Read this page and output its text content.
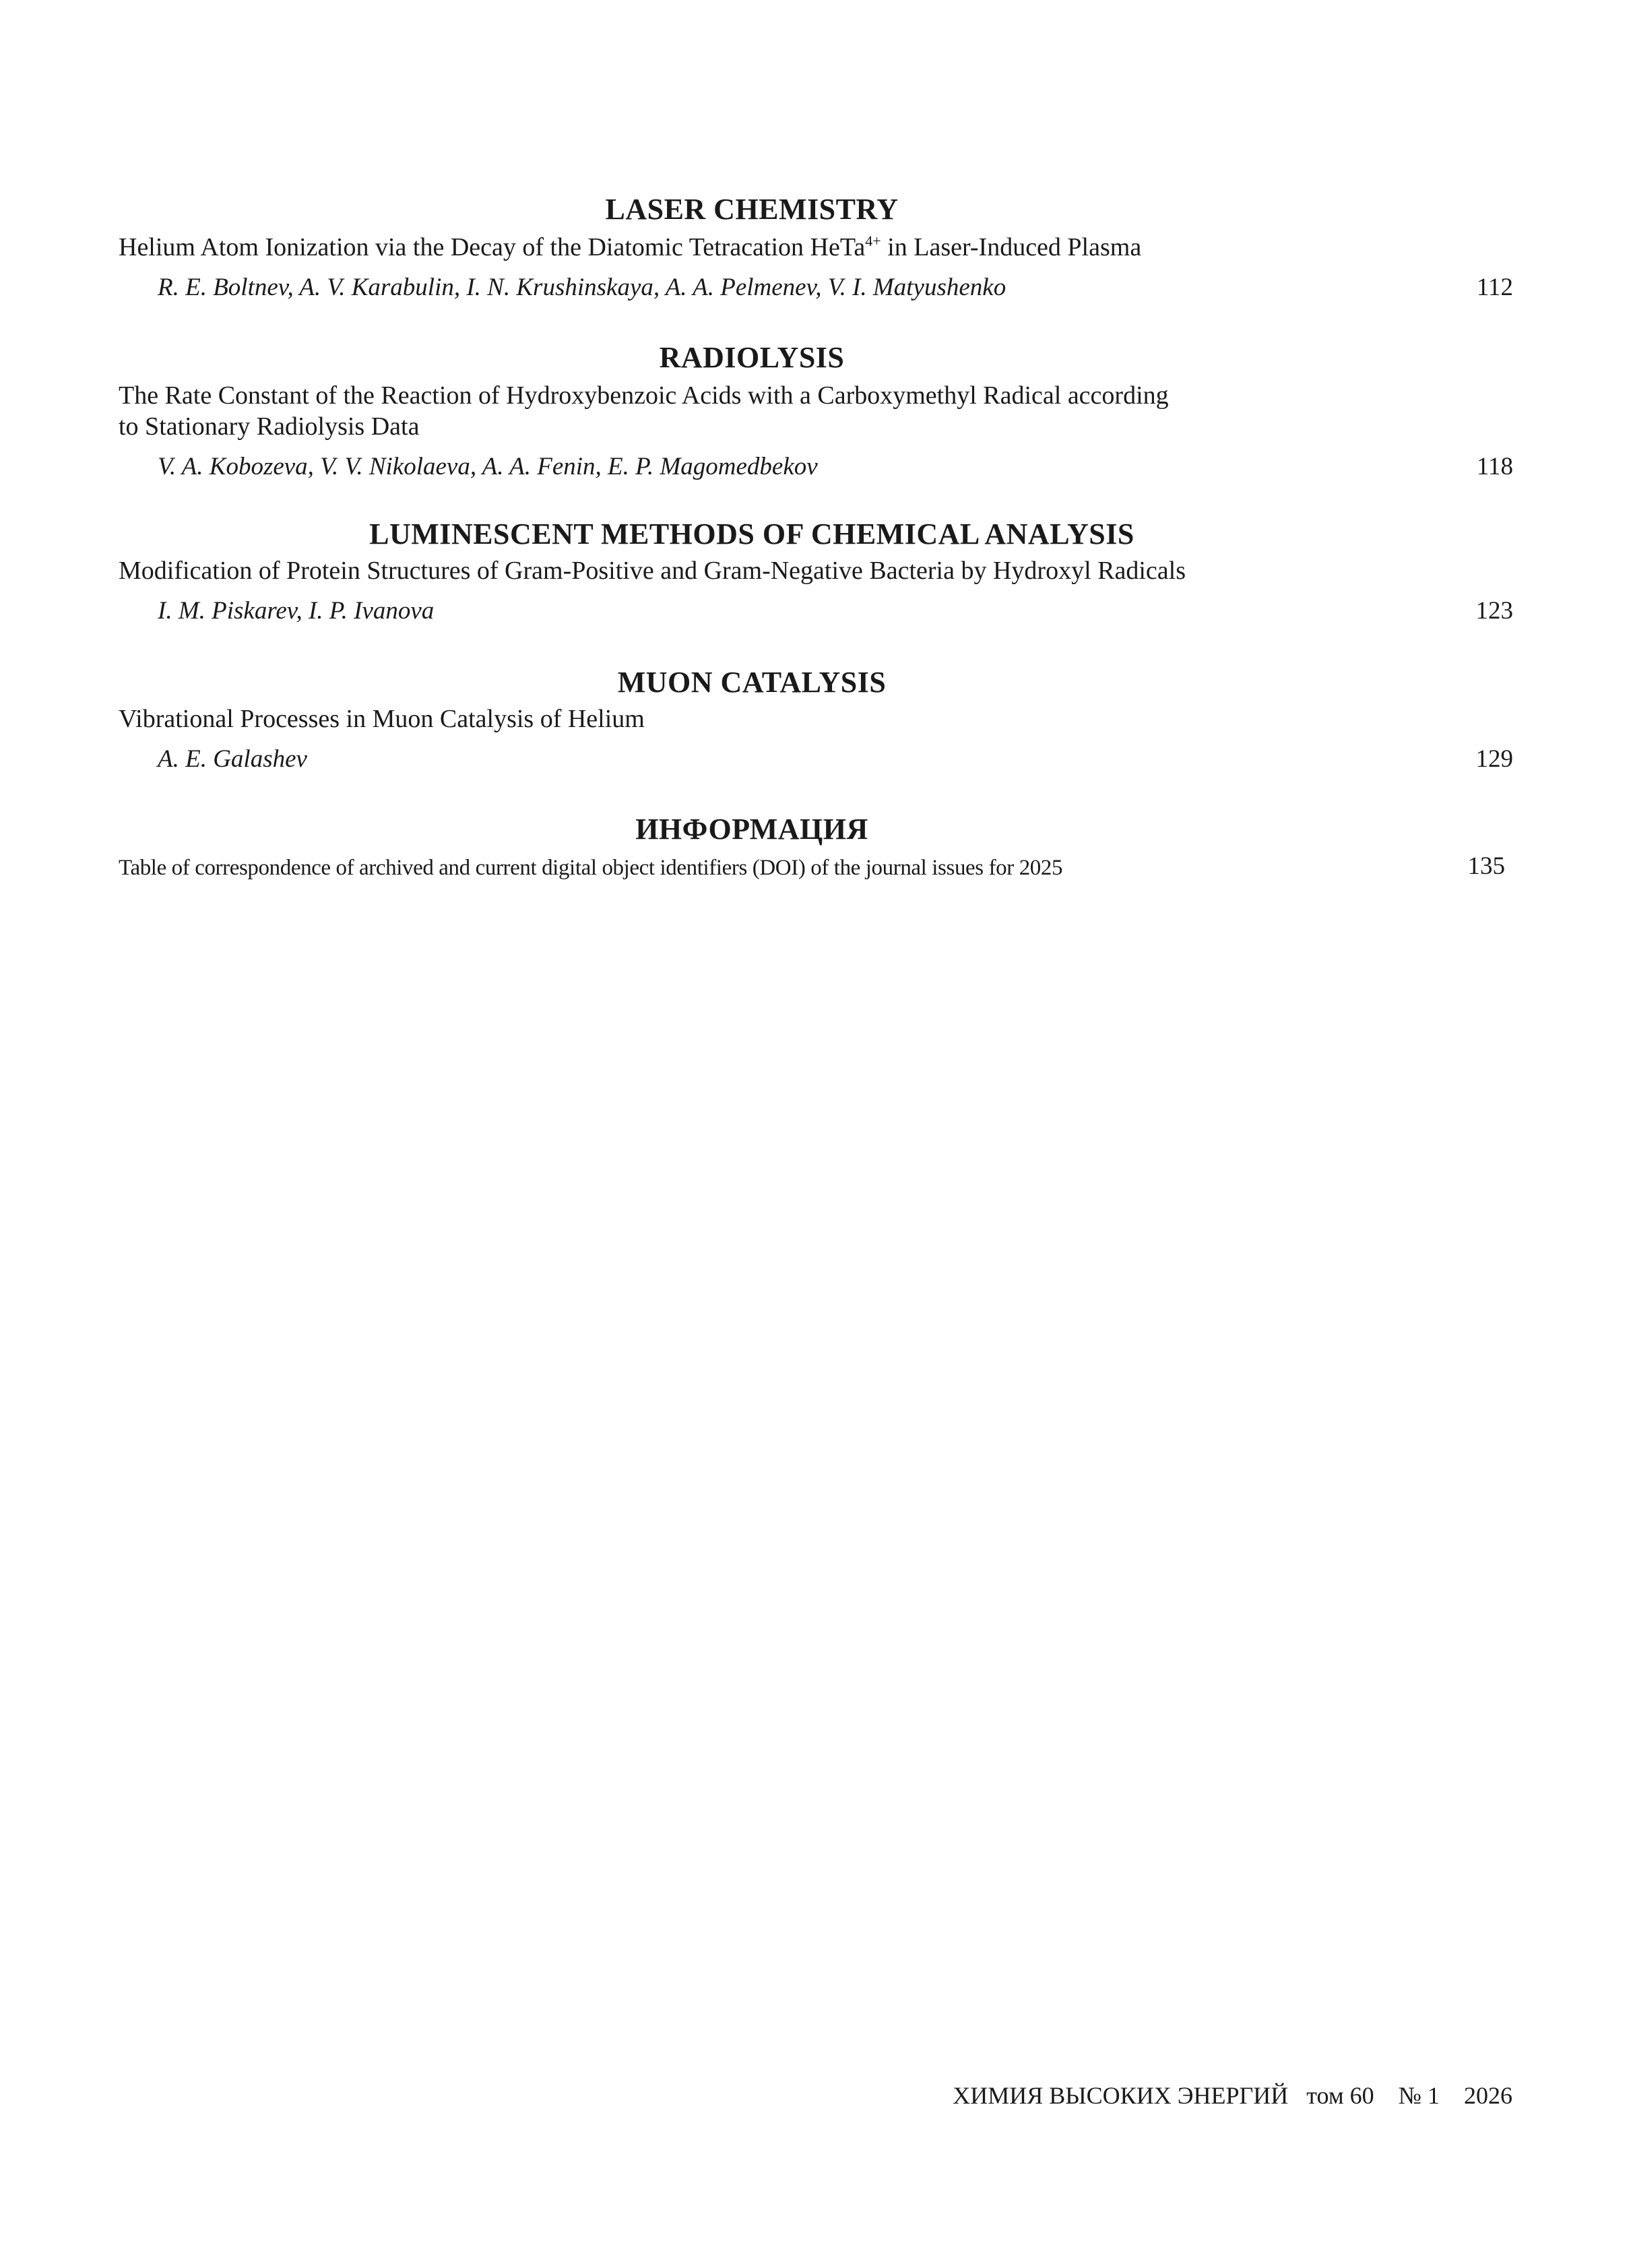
LASER CHEMISTRY
Helium Atom Ionization via the Decay of the Diatomic Tetracation HeTa$^{4+}$ in Laser-Induced Plasma
R. E. Boltnev, A. V. Karabulin, I. N. Krushinskaya, A. A. Pelmenev, V. I. Matyushenko	112
RADIOLYSIS
The Rate Constant of the Reaction of Hydroxybenzoic Acids with a Carboxymethyl Radical according
to Stationary Radiolysis Data
V. A. Kobozeva, V. V. Nikolaeva, A. A. Fenin, E. P. Magomedbekov	118
LUMINESCENT METHODS OF CHEMICAL ANALYSIS
Modification of Protein Structures of Gram-Positive and Gram-Negative Bacteria by Hydroxyl Radicals
I. M. Piskarev, I. P. Ivanova	123
MUON CATALYSIS
Vibrational Processes in Muon Catalysis of Helium
A. E. Galashev	129
ИНФОРМАЦИЯ
Table of correspondence of archived and current digital object identifiers (DOI) of the journal issues for 2025	135
ХИМИЯ ВЫСОКИХ ЭНЕРГИЙ том 60 № 1 2026
